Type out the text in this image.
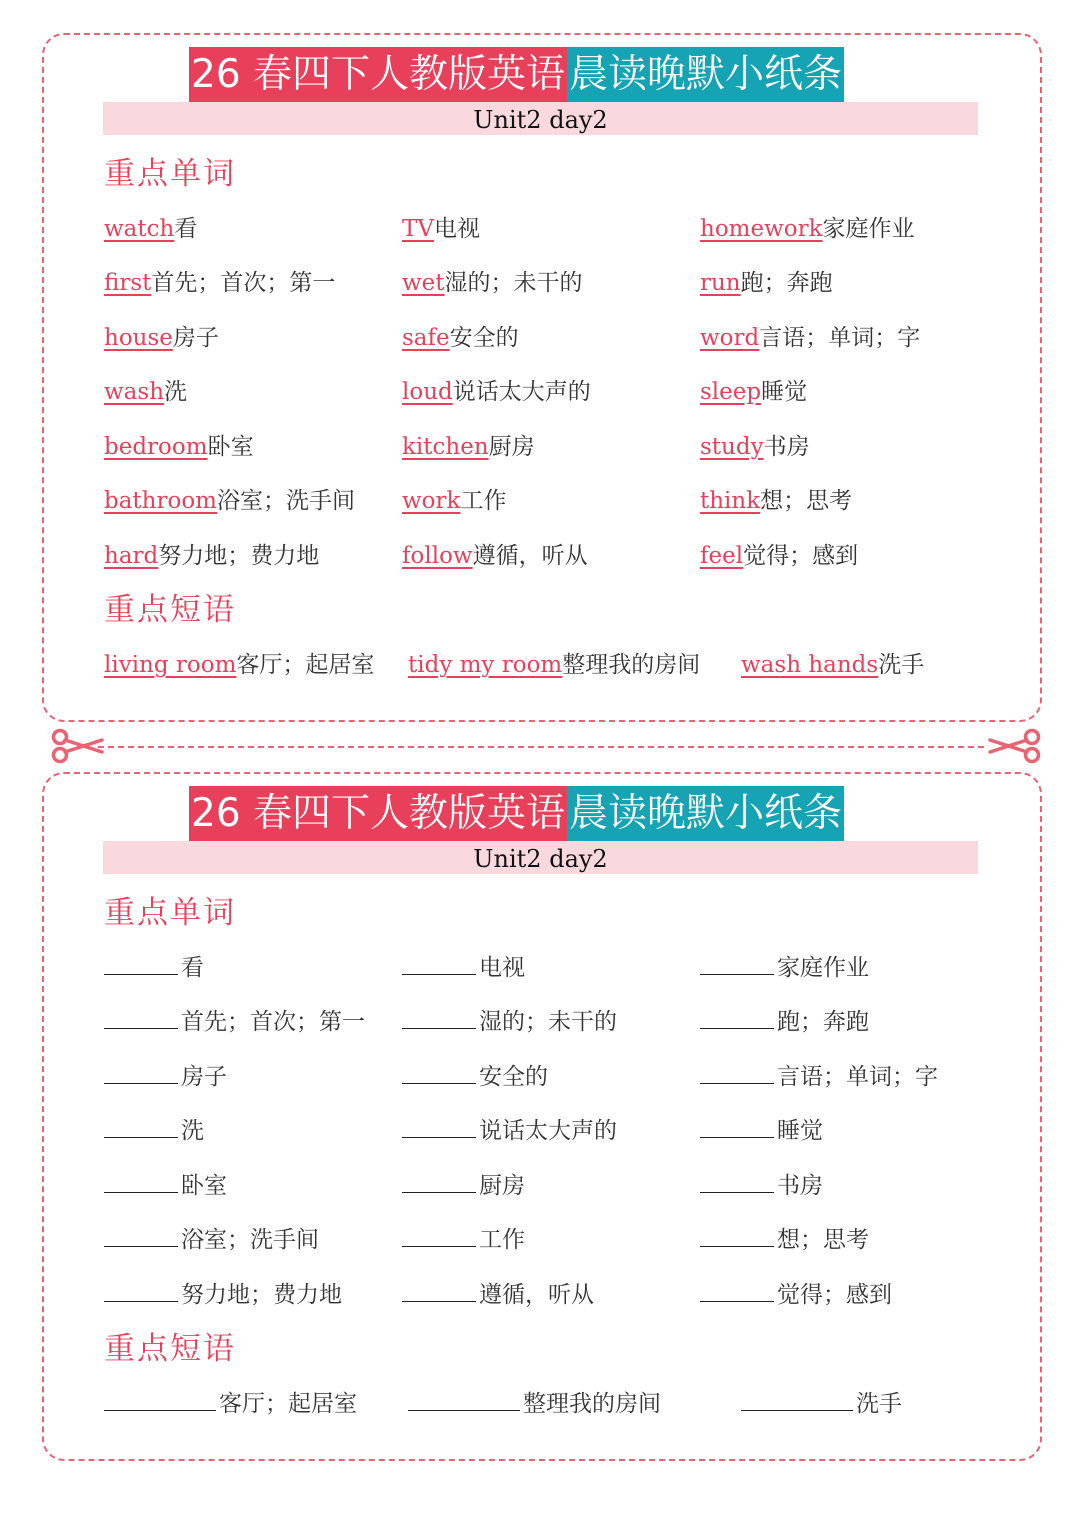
26 春四下人教版英语 晨读晚默小纸条
Unit2 day2
重点单词
watch看	TV电视	homework家庭作业
first首先；首次；第一	wet湿的；未干的	run跑；奔跑
house房子	safe安全的	word言语；单词；字
wash洗	loud说话太大声的	sleep睡觉
bedroom卧室	kitchen厨房	study书房
bathroom浴室；洗手间 work工作	think想；思考
hard努力地；费力地	follow遵循，听从	feel觉得；感到
重点短语
living room客厅；起居室 tidy my room整理我的房间 wash hands洗手
26 春四下人教版英语 晨读晚默小纸条
Unit2 day2
重点单词
看	电视	家庭作业
首先；首次；第一	湿的；未干的	跑；奔跑
房子	安全的	言语；单词；字
洗	说话太大声的	睡觉
卧室	厨房	书房
浴室；洗手间	工作	想；思考
努力地；费力地	遵循，听从	觉得；感到
重点短语
客厅；起居室	整理我的房间	洗手
